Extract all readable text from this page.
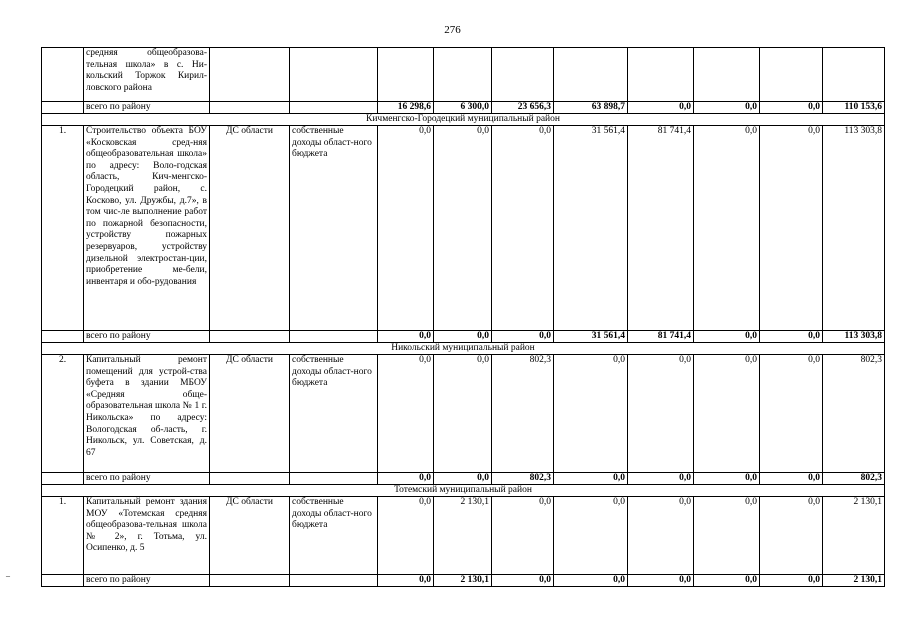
276
–
	средняя общеобразова-тельная школа» в с. Ни-кольский Торжок Кирил-ловского района										
	всего по району			16 298,6	6 300,0	23 656,3	63 898,7	0,0	0,0	0,0	110 153,6
Кичменгско-Городецкий муниципальный район											
1.	Строительство объекта БОУ «Косковская сред-няя общеобразовательная школа» по адресу: Воло-годская область, Кич-менгско-Городецкий район, с. Косково, ул. Дружбы, д.7», в том чис-ле выполнение работ по пожарной безопасности, устройству пожарных резервуаров, устройству дизельной электростан-ции, приобретение ме-бели, инвентаря и обо-рудования	ДС области	собственные доходы област-ного бюджета	0,0	0,0	0,0	31 561,4	81 741,4	0,0	0,0	113 303,8
	всего по району			0,0	0,0	0,0	31 561,4	81 741,4	0,0	0,0	113 303,8
Никольский муниципальный район											
2.	Капитальный ремонт помещений для устрой-ства буфета в здании МБОУ «Средняя обще-образовательная школа № 1 г. Никольска» по адресу: Вологодская об-ласть, г. Никольск, ул. Советская, д. 67	ДС области	собственные доходы област-ного бюджета	0,0	0,0	802,3	0,0	0,0	0,0	0,0	802,3
	всего по району			0,0	0,0	802,3	0,0	0,0	0,0	0,0	802,3
Тотемский муниципальный район											
1.	Капитальный ремонт здания МОУ «Тотемская средняя общеобразова-тельная школа № 2», г. Тотьма, ул. Осипенко, д. 5	ДС области	собственные доходы област-ного бюджета	0,0	2 130,1	0,0	0,0	0,0	0,0	0,0	2 130,1
	всего по району			0,0	2 130,1	0,0	0,0	0,0	0,0	0,0	2 130,1
